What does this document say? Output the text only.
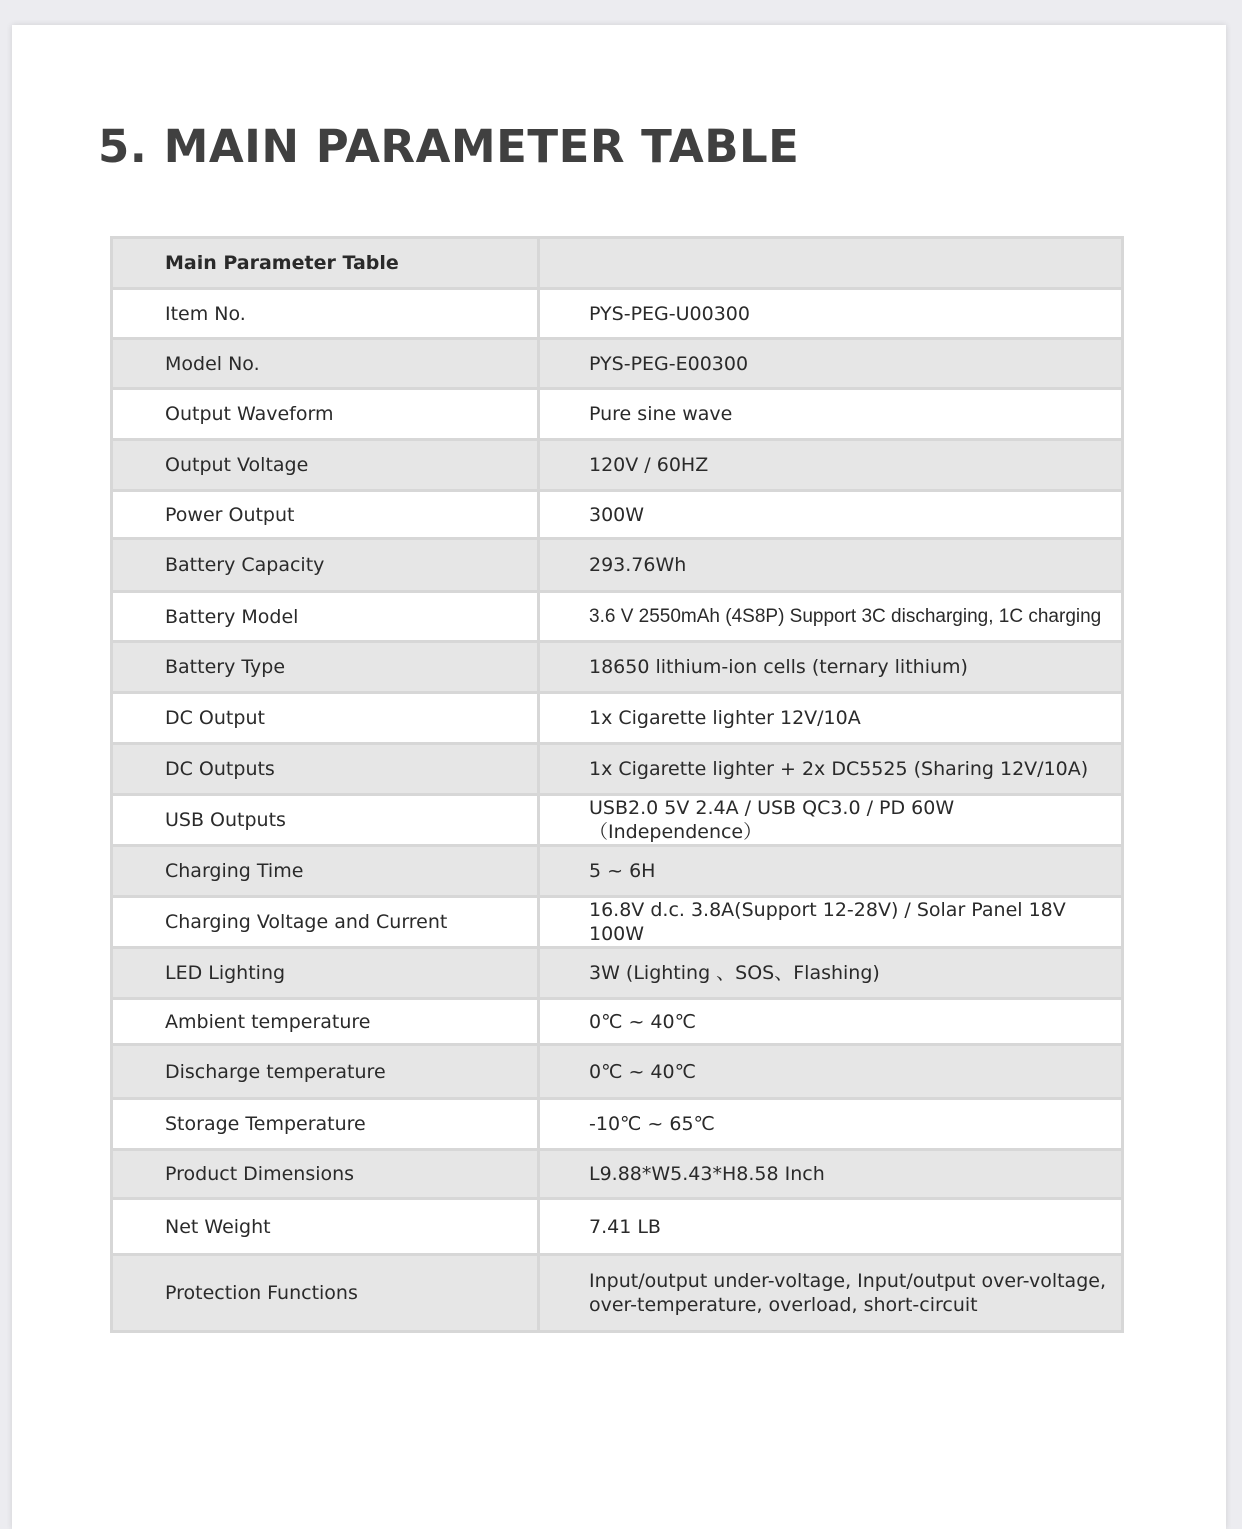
5. MAIN PARAMETER TABLE
Main Parameter Table	
Item No.	PYS-PEG-U00300
Model No.	PYS-PEG-E00300
Output Waveform	Pure sine wave
Output Voltage	120V / 60HZ
Power Output	300W
Battery Capacity	293.76Wh
Battery Model	3.6 V 2550mAh (4S8P) Support 3C discharging, 1C charging
Battery Type	18650 lithium-ion cells (ternary lithium)
DC Output	1x Cigarette lighter 12V/10A
DC Outputs	1x Cigarette lighter + 2x DC5525 (Sharing 12V/10A)
USB Outputs	USB2.0 5V 2.4A / USB QC3.0 / PD 60W（Independence）
Charging Time	5 ~ 6H
Charging Voltage and Current	16.8V d.c. 3.8A(Support 12-28V) / Solar Panel 18V 100W
LED Lighting	3W (Lighting 、SOS、Flashing)
Ambient temperature	0℃ ~ 40℃
Discharge temperature	0℃ ~ 40℃
Storage Temperature	-10℃ ~ 65℃
Product Dimensions	L9.88*W5.43*H8.58 Inch
Net Weight	7.41 LB
Protection Functions	Input/output under-voltage, Input/output over-voltage,
over-temperature, overload, short-circuit
